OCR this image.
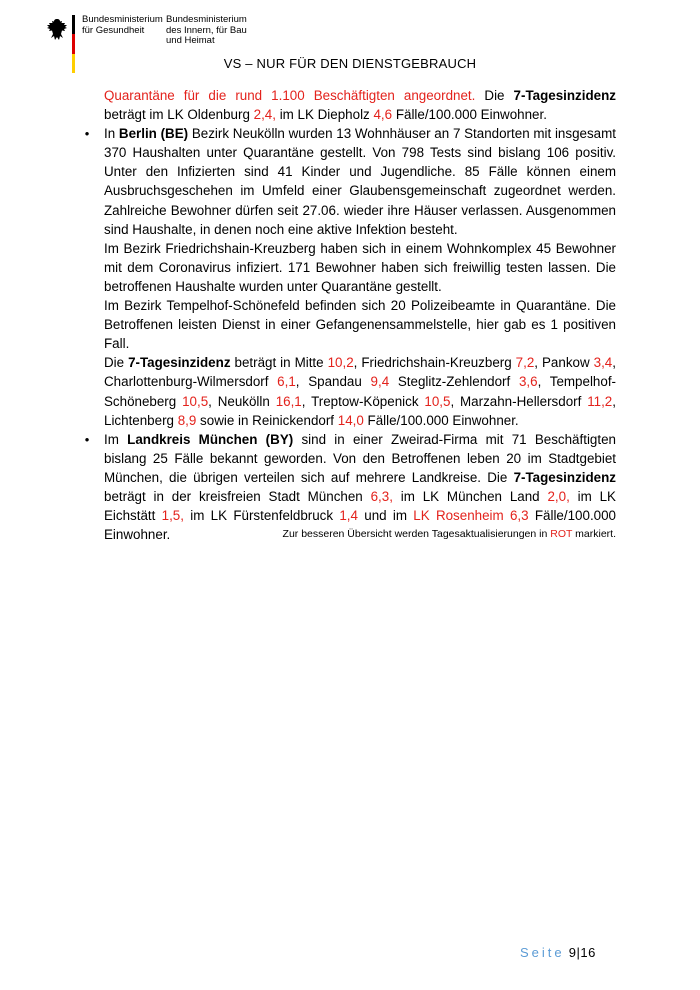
Bundesministerium
für Gesundheit
Bundesministerium
des Innern, für Bau
und Heimat
VS – NUR FÜR DEN DIENSTGEBRAUCH

Quarantäne für die rund 1.100 Beschäftigten angeordnet. Die 7-Tagesinzidenz beträgt im LK Oldenburg 2,4, im LK Diepholz 4,6 Fälle/100.000 Einwohner.

• In Berlin (BE) Bezirk Neukölln wurden 13 Wohnhäuser an 7 Standorten mit insgesamt 370 Haushalten unter Quarantäne gestellt. Von 798 Tests sind bislang 106 positiv. Unter den Infizierten sind 41 Kinder und Jugendliche. 85 Fälle können einem Ausbruchsgeschehen im Umfeld einer Glaubensgemeinschaft zugeordnet werden. Zahlreiche Bewohner dürfen seit 27.06. wieder ihre Häuser verlassen. Ausgenommen sind Haushalte, in denen noch eine aktive Infektion besteht.

Im Bezirk Friedrichshain-Kreuzberg haben sich in einem Wohnkomplex 45 Bewohner mit dem Coronavirus infiziert. 171 Bewohner haben sich freiwillig testen lassen. Die betroffenen Haushalte wurden unter Quarantäne gestellt.

Im Bezirk Tempelhof-Schönefeld befinden sich 20 Polizeibeamte in Quarantäne. Die Betroffenen leisten Dienst in einer Gefangenensammelstelle, hier gab es 1 positiven Fall.

Die 7-Tagesinzidenz beträgt in Mitte 10,2, Friedrichshain-Kreuzberg 7,2, Pankow 3,4, Charlottenburg-Wilmersdorf 6,1, Spandau 9,4 Steglitz-Zehlendorf 3,6, Tempelhof-Schöneberg 10,5, Neukölln 16,1, Treptow-Köpenick 10,5, Marzahn-Hellersdorf 11,2, Lichtenberg 8,9 sowie in Reinickendorf 14,0 Fälle/100.000 Einwohner.

• Im Landkreis München (BY) sind in einer Zweirad-Firma mit 71 Beschäftigten bislang 25 Fälle bekannt geworden. Von den Betroffenen leben 20 im Stadtgebiet München, die übrigen verteilen sich auf mehrere Landkreise. Die 7-Tagesinzidenz beträgt in der kreisfreien Stadt München 6,3, im LK München Land 2,0, im LK Eichstätt 1,5, im LK Fürstenfeldbruck 1,4 und im LK Rosenheim 6,3 Fälle/100.000 Einwohner.	Zur besseren Übersicht werden Tagesaktualisierungen in ROT markiert.
Seite 9|16
